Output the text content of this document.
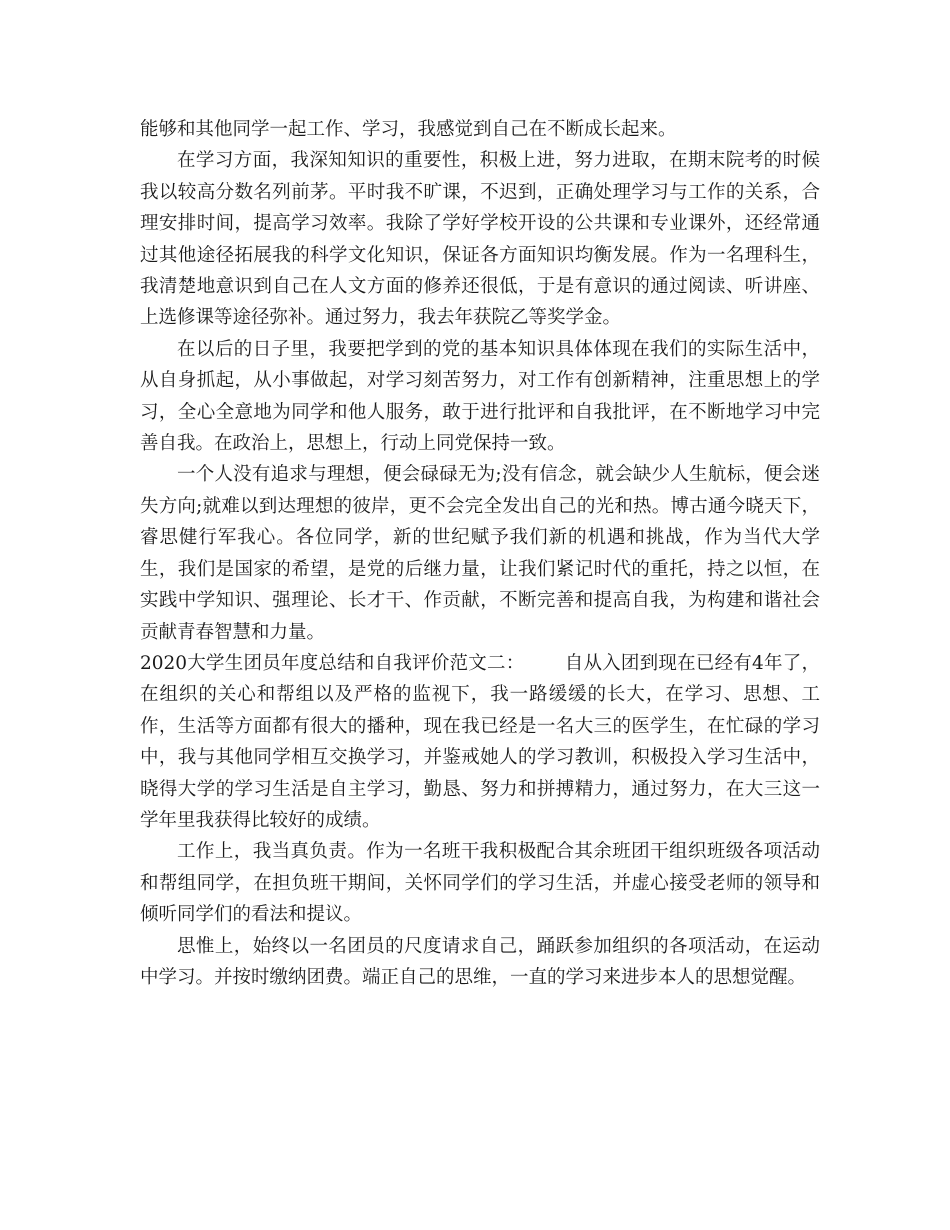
能够和其他同学一起工作、学习，我感觉到自己在不断成长起来。

在学习方面，我深知知识的重要性，积极上进，努力进取，在期末院考的时候我以较高分数名列前茅。平时我不旷课，不迟到，正确处理学习与工作的关系，合理安排时间，提高学习效率。我除了学好学校开设的公共课和专业课外，还经常通过其他途径拓展我的科学文化知识，保证各方面知识均衡发展。作为一名理科生，我清楚地意识到自己在人文方面的修养还很低，于是有意识的通过阅读、听讲座、上选修课等途径弥补。通过努力，我去年获院乙等奖学金。

在以后的日子里，我要把学到的党的基本知识具体体现在我们的实际生活中，从自身抓起，从小事做起，对学习刻苦努力，对工作有创新精神，注重思想上的学习，全心全意地为同学和他人服务，敢于进行批评和自我批评，在不断地学习中完善自我。在政治上，思想上，行动上同党保持一致。

一个人没有追求与理想，便会碌碌无为;没有信念，就会缺少人生航标，便会迷失方向;就难以到达理想的彼岸，更不会完全发出自己的光和热。博古通今晓天下，睿思健行军我心。各位同学，新的世纪赋予我们新的机遇和挑战，作为当代大学生，我们是国家的希望，是党的后继力量，让我们紧记时代的重托，持之以恒，在实践中学知识、强理论、长才干、作贡献，不断完善和提高自我，为构建和谐社会贡献青春智慧和力量。

2020大学生团员年度总结和自我评价范文二： 自从入团到现在已经有4年了，在组织的关心和帮组以及严格的监视下，我一路缓缓的长大，在学习、思想、工作，生活等方面都有很大的播种，现在我已经是一名大三的医学生，在忙碌的学习中，我与其他同学相互交换学习，并鉴戒她人的学习教训，积极投入学习生活中，晓得大学的学习生活是自主学习，勤恳、努力和拼搏精力，通过努力，在大三这一学年里我获得比较好的成绩。

工作上，我当真负责。作为一名班干我积极配合其余班团干组织班级各项活动和帮组同学，在担负班干期间，关怀同学们的学习生活，并虚心接受老师的领导和倾听同学们的看法和提议。

思惟上，始终以一名团员的尺度请求自己，踊跃参加组织的各项活动，在运动中学习。并按时缴纳团费。端正自己的思维，一直的学习来进步本人的思想觉醒。
